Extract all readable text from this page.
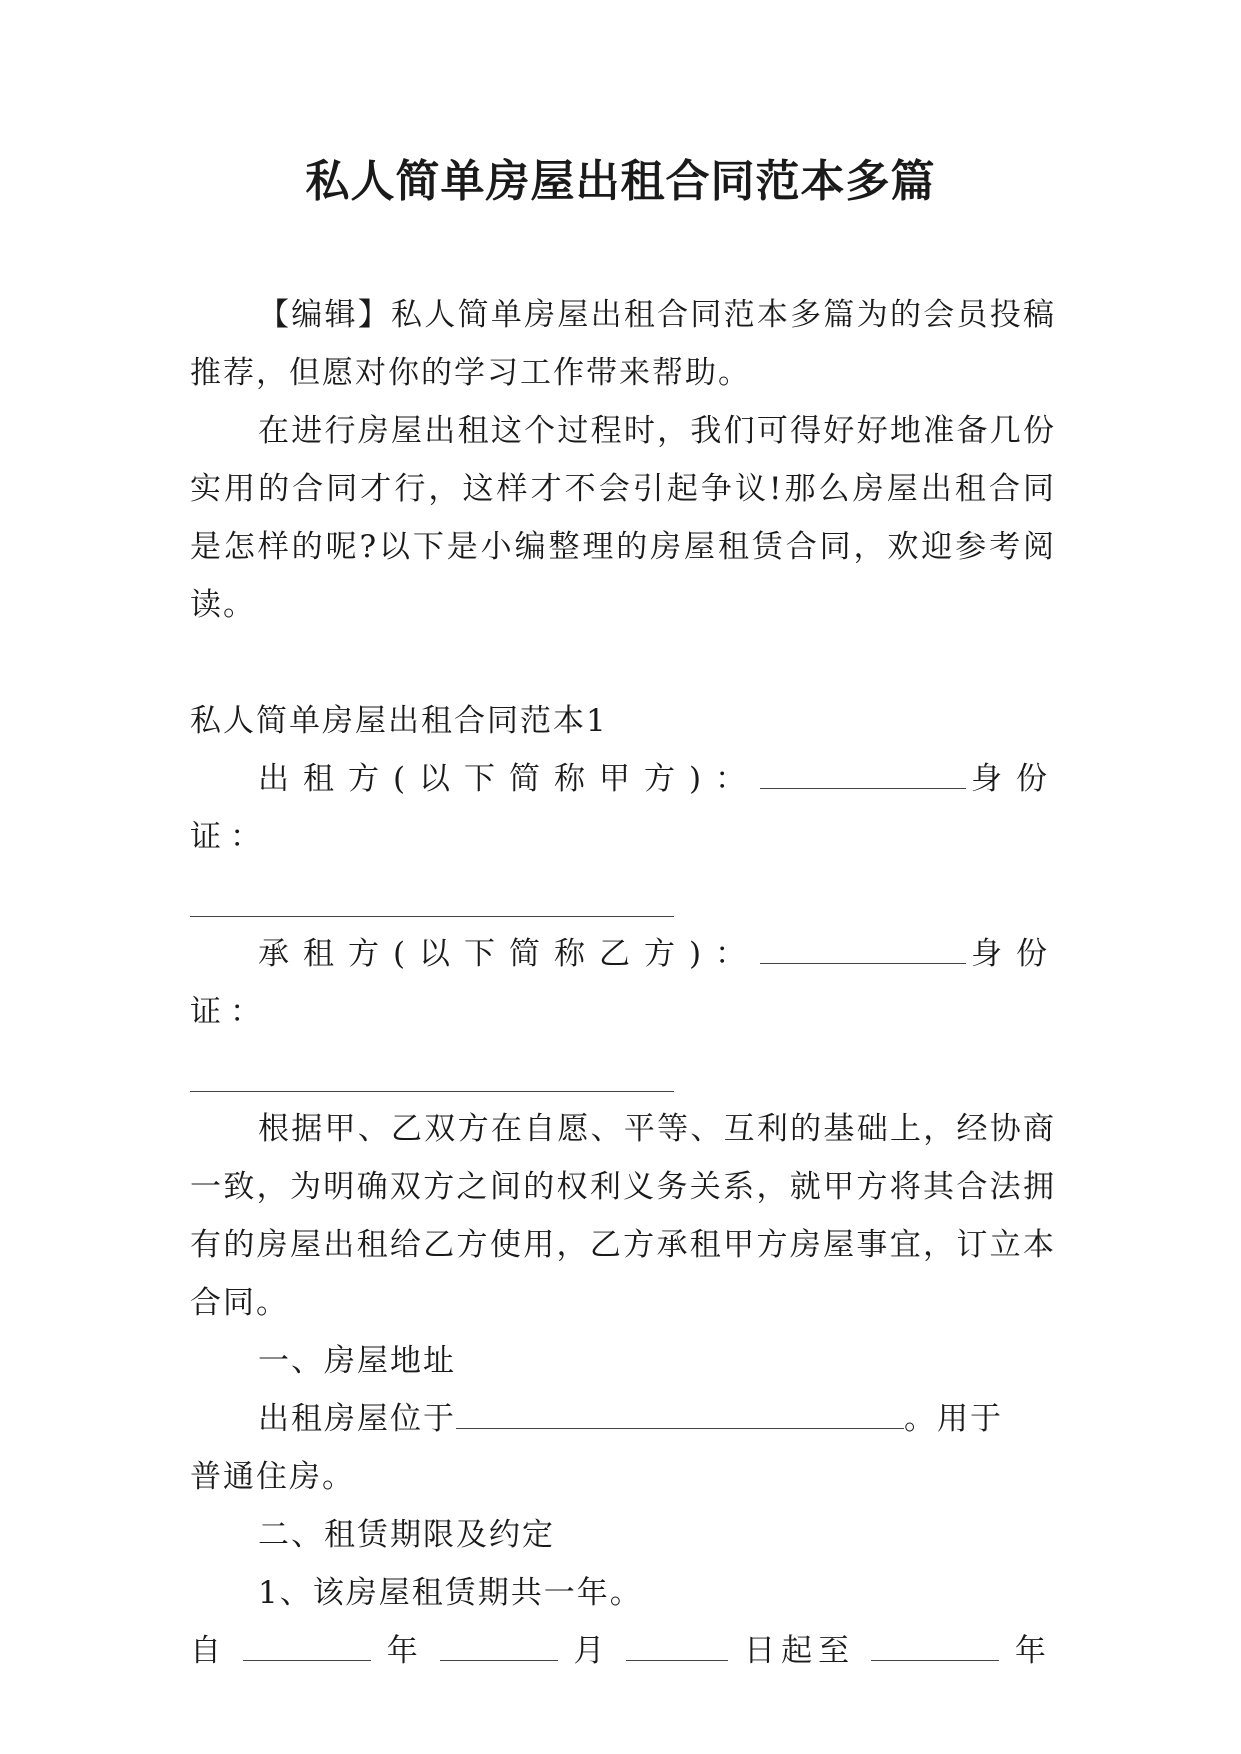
私人简单房屋出租合同范本多篇

【编辑】私人简单房屋出租合同范本多篇为的会员投稿推荐，但愿对你的学习工作带来帮助。

在进行房屋出租这个过程时，我们可得好好地准备几份实用的合同才行，这样才不会引起争议!那么房屋出租合同是怎样的呢?以下是小编整理的房屋租赁合同，欢迎参考阅读。

私人简单房屋出租合同范本1

出租方(以下简称甲方)：	身份证：

承租方(以下简称乙方)：	身份证：

根据甲、乙双方在自愿、平等、互利的基础上，经协商一致，为明确双方之间的权利义务关系，就甲方将其合法拥有的房屋出租给乙方使用，乙方承租甲方房屋事宜，订立本合同。

一、房屋地址

出租房屋位于	。用于

普通住房。

二、租赁期限及约定

1、该房屋租赁期共一年。

自	年	月	日起至	年
